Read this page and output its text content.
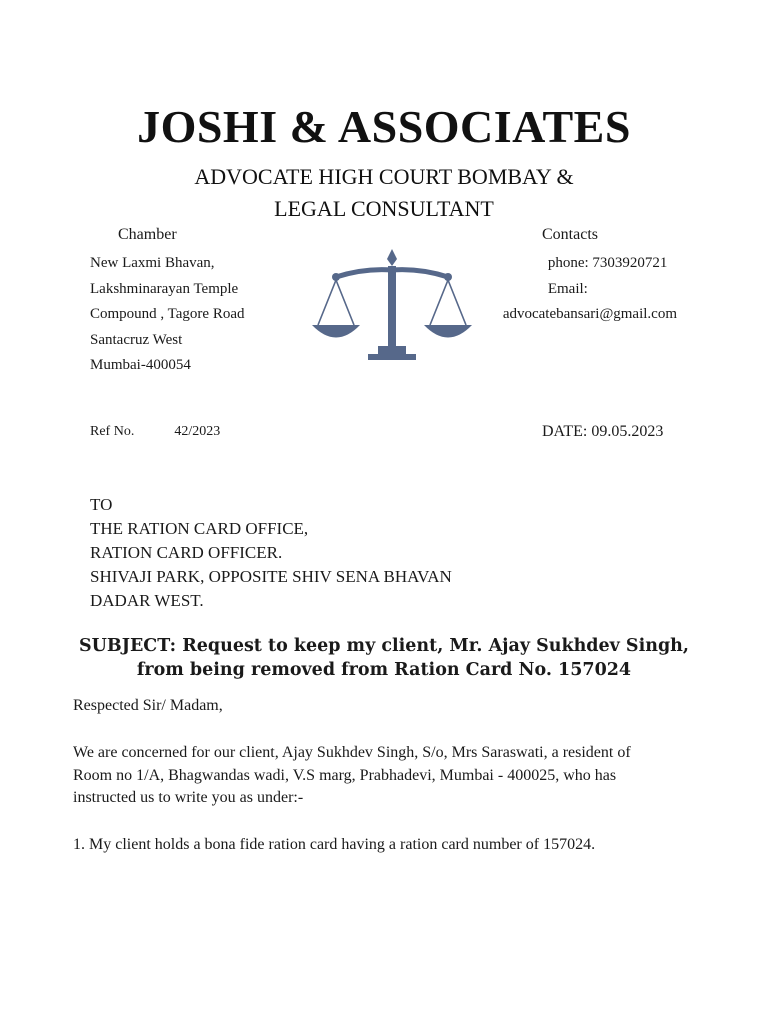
JOSHI & ASSOCIATES
ADVOCATE HIGH COURT BOMBAY &
LEGAL CONSULTANT
Chamber	Contacts
New Laxmi Bhavan,
Lakshminarayan Temple
Compound , Tagore Road
Santacruz West
Mumbai-400054
phone: 7303920721
Email:
advocatebansari@gmail.com
Ref No.	42/2023	DATE: 09.05.2023
TO
THE RATION CARD OFFICE,
RATION CARD OFFICER.
SHIVAJI PARK, OPPOSITE SHIV SENA BHAVAN
DADAR WEST.
SUBJECT: Request to keep my client, Mr. Ajay Sukhdev Singh,
from being removed from Ration Card No. 157024
Respected Sir/ Madam,
We are concerned for our client, Ajay Sukhdev Singh, S/o, Mrs Saraswati, a resident of Room no 1/A, Bhagwandas wadi, V.S marg, Prabhadevi, Mumbai - 400025, who has instructed us to write you as under:-
1. My client holds a bona fide ration card having a ration card number of 157024.
